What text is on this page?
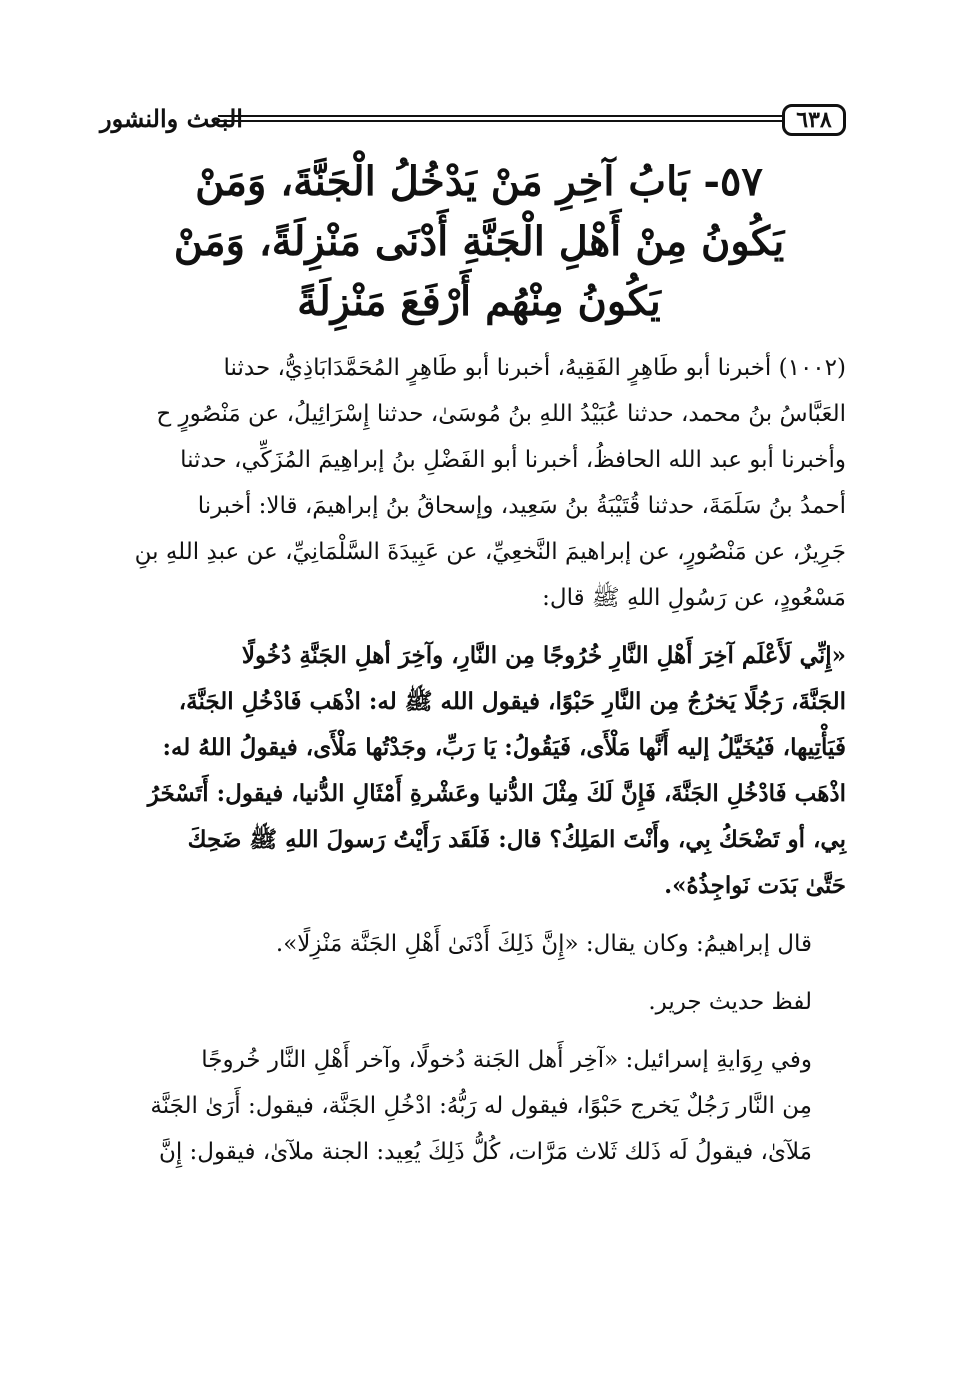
٦٣٨
البعث والنشور
٥٧- بَابُ آخِرِ مَنْ يَدْخُلُ الْجَنَّةَ، وَمَنْ
يَكُونُ مِنْ أَهْلِ الْجَنَّةِ أَدْنَى مَنْزِلَةً، وَمَنْ
يَكُونُ مِنْهُم أَرْفَعَ مَنْزِلَةً

(١٠٠٢) أخبرنا أبو طَاهِرٍ الفَقِيهُ، أخبرنا أبو طَاهِرٍ المُحَمَّدَابَاذِيُّ، حدثنا
العَبَّاسُ بنُ محمد، حدثنا عُبَيْدُ اللهِ بنُ مُوسَىٰ، حدثنا إِسْرَائِيلُ، عن مَنْصُورٍ ح
وأخبرنا أبو عبد الله الحافظُ، أخبرنا أبو الفَضْلِ بنُ إبراهِيمَ المُزَكِّي، حدثنا
أحمدُ بنُ سَلَمَةَ، حدثنا قُتَيْبَةُ بنُ سَعِيد، وإسحاقُ بنُ إبراهيمَ، قالا: أخبرنا
جَرِيرٌ، عن مَنْصُورٍ، عن إبراهيمَ النَّخعِيِّ، عن عَبِيدَةَ السَّلْمَانِيِّ، عن عبدِ اللهِ بنِ
مَسْعُودٍ، عن رَسُولِ اللهِ ﷺ قال:

«إِنِّي لَأَعْلَم آخِرَ أَهْلِ النَّارِ خُرُوجًا مِن النَّارِ، وآخِرَ أهلِ الجَنَّةِ دُخُولًا
الجَنَّةَ، رَجُلًا يَخرُجُ مِن النَّارِ حَبْوًا، فيقول الله ﷺ له: اذْهَب فَادْخُلِ الجَنَّةَ،
فَيَأْتِيها، فَيُخَيَّلُ إليه أَنَّها مَلْأَى، فَيَقُولُ: يَا رَبِّ، وجَدْتُها مَلْأَى، فيقولُ اللهُ له:
اذْهَب فَادْخُلِ الجَنَّةَ، فَإِنَّ لَكَ مِثْلَ الدُّنيا وعَشْرةِ أَمْثَالِ الدُّنيا، فيقول: أَتَسْخَرُ
بِي، أو تَضْحَكُ بِي، وأَنْتَ المَلِكُ؟ قال: فَلَقَد رَأَيْتُ رَسولَ اللهِ ﷺ ضَحِكَ
حَتَّىٰ بَدَت نَواجِذُهُ».

قال إبراهيمُ: وكان يقال: «إِنَّ ذَلِكَ أَدْنَىٰ أَهْلِ الجَنَّة مَنْزِلًا».

لفظ حديث جرير.

وفي رِوَايةِ إسرائيل: «آخِر أَهل الجَنة دُخولًا، وآخر أَهْلِ النَّار خُروجًا
مِن النَّار رَجُلٌ يَخرج حَبْوًا، فيقول له رَبُّهُ: ادْخُلِ الجَنَّة، فيقول: أَرَىٰ الجَنَّة
مَلآىٰ، فيقولُ لَه ذَلك ثَلاث مَرَّات، كُلُّ ذَلِكَ يُعِيد: الجنة ملآىٰ، فيقول: إِنَّ
